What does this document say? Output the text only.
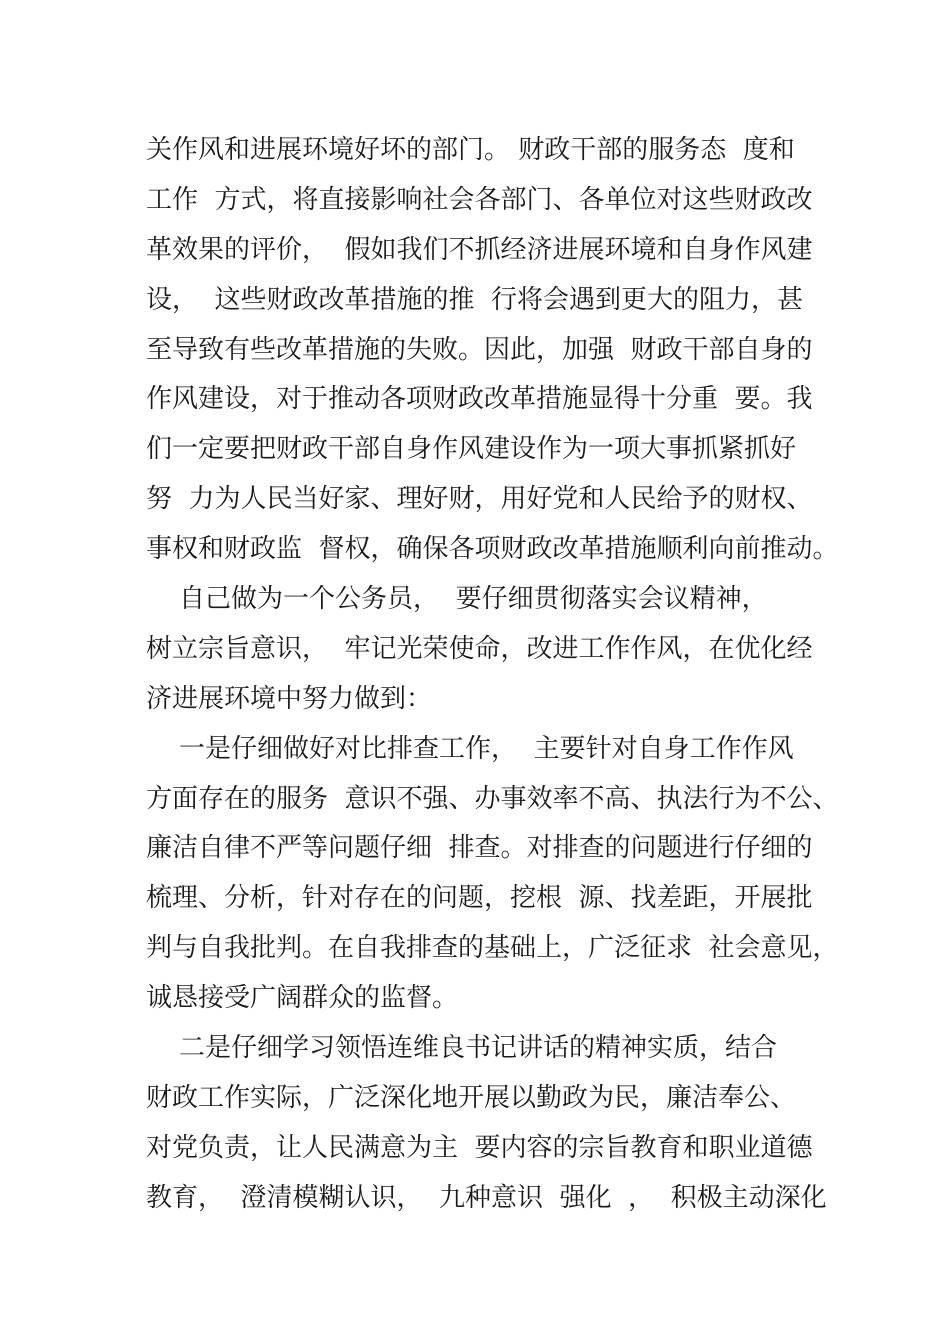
关作风和进展环境好坏的部门。 财政干部的服务态  度和
工作  方式，将直接影响社会各部门、各单位对这些财政改
革效果的评价，  假如我们不抓经济进展环境和自身作风建
设，  这些财政改革措施的推  行将会遇到更大的阻力，甚
至导致有些改革措施的失败。因此，加强  财政干部自身的
作风建设，对于推动各项财政改革措施显得十分重  要。我
们一定要把财政干部自身作风建设作为一项大事抓紧抓好
努  力为人民当好家、理好财，用好党和人民给予的财权、
事权和财政监  督权，确保各项财政改革措施顺利向前推动。
自己做为一个公务员，  要仔细贯彻落实会议精神，
树立宗旨意识，  牢记光荣使命，改进工作作风，在优化经
济进展环境中努力做到：
一是仔细做好对比排查工作，  主要针对自身工作作风
方面存在的服务  意识不强、办事效率不高、执法行为不公、
廉洁自律不严等问题仔细  排查。对排查的问题进行仔细的
梳理、分析，针对存在的问题，挖根  源、找差距，开展批
判与自我批判。在自我排查的基础上，广泛征求  社会意见，
诚恳接受广阔群众的监督。
二是仔细学习领悟连维良书记讲话的精神实质，结合
财政工作实际，广泛深化地开展以勤政为民，廉洁奉公、
对党负责，让人民满意为主  要内容的宗旨教育和职业道德
教育，  澄清模糊认识，  九种意识  强化  ，  积极主动深化
